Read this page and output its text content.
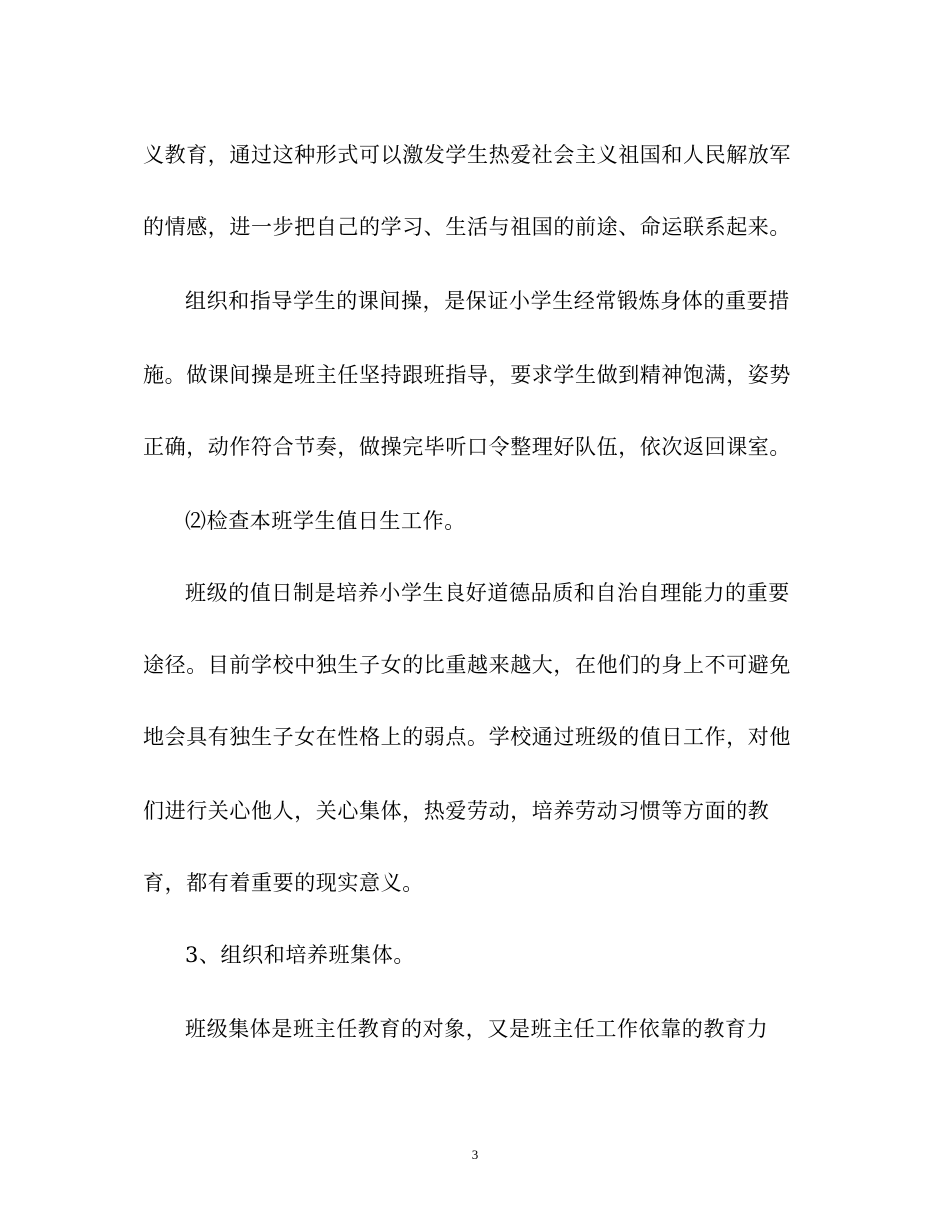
义教育，通过这种形式可以激发学生热爱社会主义祖国和人民解放军
的情感，进一步把自己的学习、生活与祖国的前途、命运联系起来。
组织和指导学生的课间操，是保证小学生经常锻炼身体的重要措
施。做课间操是班主任坚持跟班指导，要求学生做到精神饱满，姿势
正确，动作符合节奏，做操完毕听口令整理好队伍，依次返回课室。
⑵检查本班学生值日生工作。
班级的值日制是培养小学生良好道德品质和自治自理能力的重要
途径。目前学校中独生子女的比重越来越大，在他们的身上不可避免
地会具有独生子女在性格上的弱点。学校通过班级的值日工作，对他
们进行关心他人，关心集体，热爱劳动，培养劳动习惯等方面的教
育，都有着重要的现实意义。
3、组织和培养班集体。
班级集体是班主任教育的对象，又是班主任工作依靠的教育力
3
